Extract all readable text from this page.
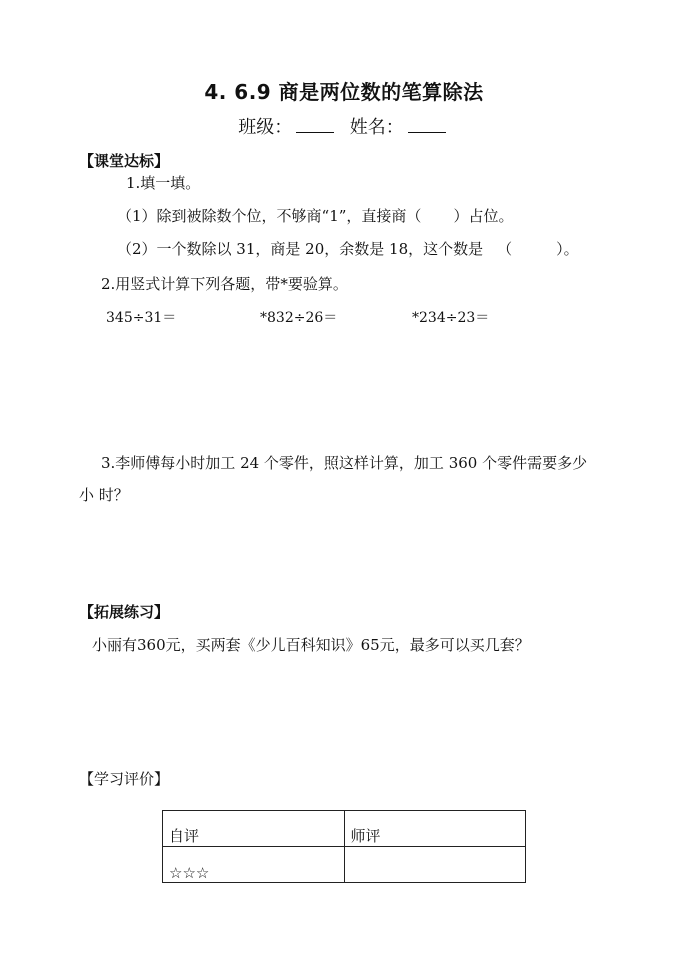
4. 6.9 商是两位数的笔算除法
班级：	姓名：
【课堂达标】
1.填一填。
（1）除到被除数个位，不够商“1”，直接商（ ）占位。
（2）一个数除以 31，商是 20，余数是 18，这个数是 （	）。
2.用竖式计算下列各题，带*要验算。
345÷31＝	*832÷26＝	*234÷23＝
3.李师傅每小时加工 24 个零件，照这样计算，加工 360 个零件需要多少
小 时？
【拓展练习】
小丽有360元，买两套《少儿百科知识》65元，最多可以买几套？
【学习评价】
自评	师评
☆☆☆	
